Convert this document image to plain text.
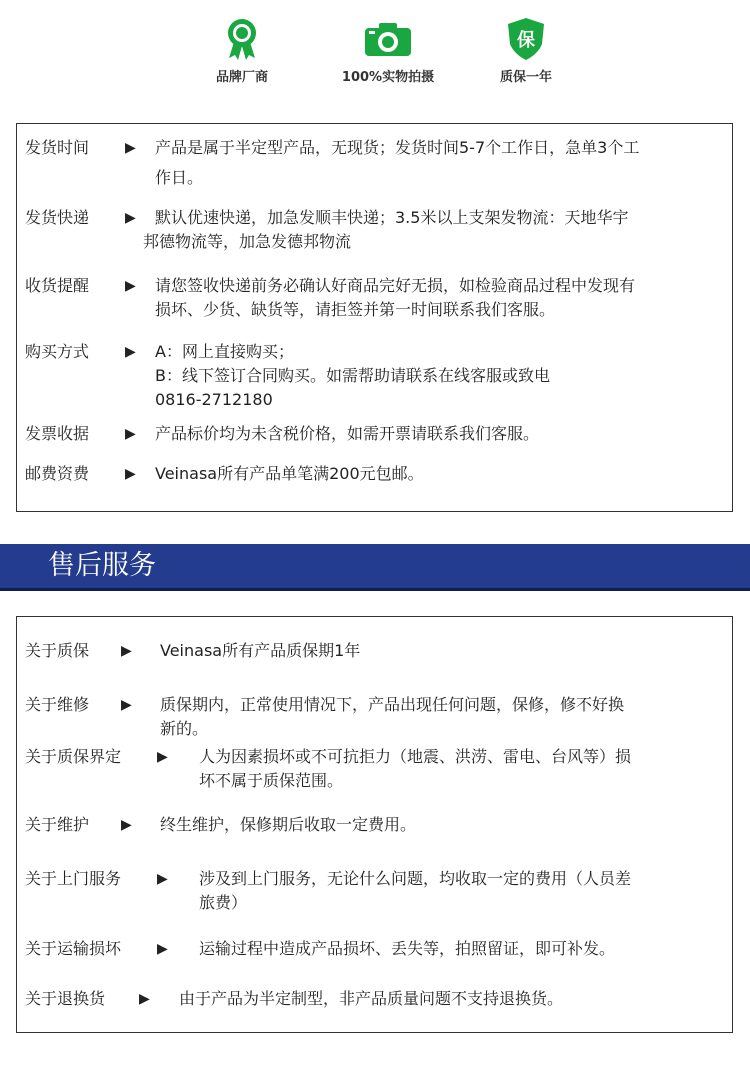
品牌厂商	100%实物拍摄
保
质保一年
发货时间	▶ 产品是属于半定型产品，无现货；发货时间5-7个工作日，急单3个工
作日。
发货快递	▶ 默认优速快递，加急发顺丰快递；3.5米以上支架发物流：天地华宇
邦德物流等，加急发德邦物流
收货提醒	▶ 请您签收快递前务必确认好商品完好无损，如检验商品过程中发现有
损坏、少货、缺货等，请拒签并第一时间联系我们客服。
购买方式	▶ A：网上直接购买；
B：线下签订合同购买。如需帮助请联系在线客服或致电
0816-2712180
发票收据	▶ 产品标价均为未含税价格，如需开票请联系我们客服。
邮费资费	▶ Veinasa所有产品单笔满200元包邮。
售后服务
关于质保 ▶ Veinasa所有产品质保期1年
关于维修 ▶ 质保期内，正常使用情况下，产品出现任何问题，保修，修不好换
新的。
关于质保界定	▶ 人为因素损坏或不可抗拒力（地震、洪涝、雷电、台风等）损
坏不属于质保范围。
关于维护 ▶ 终生维护，保修期后收取一定费用。
关于上门服务	▶ 涉及到上门服务，无论什么问题，均收取一定的费用（人员差
旅费）
关于运输损坏	▶ 运输过程中造成产品损坏、丢失等，拍照留证，即可补发。
关于退换货 ▶ 由于产品为半定制型，非产品质量问题不支持退换货。
